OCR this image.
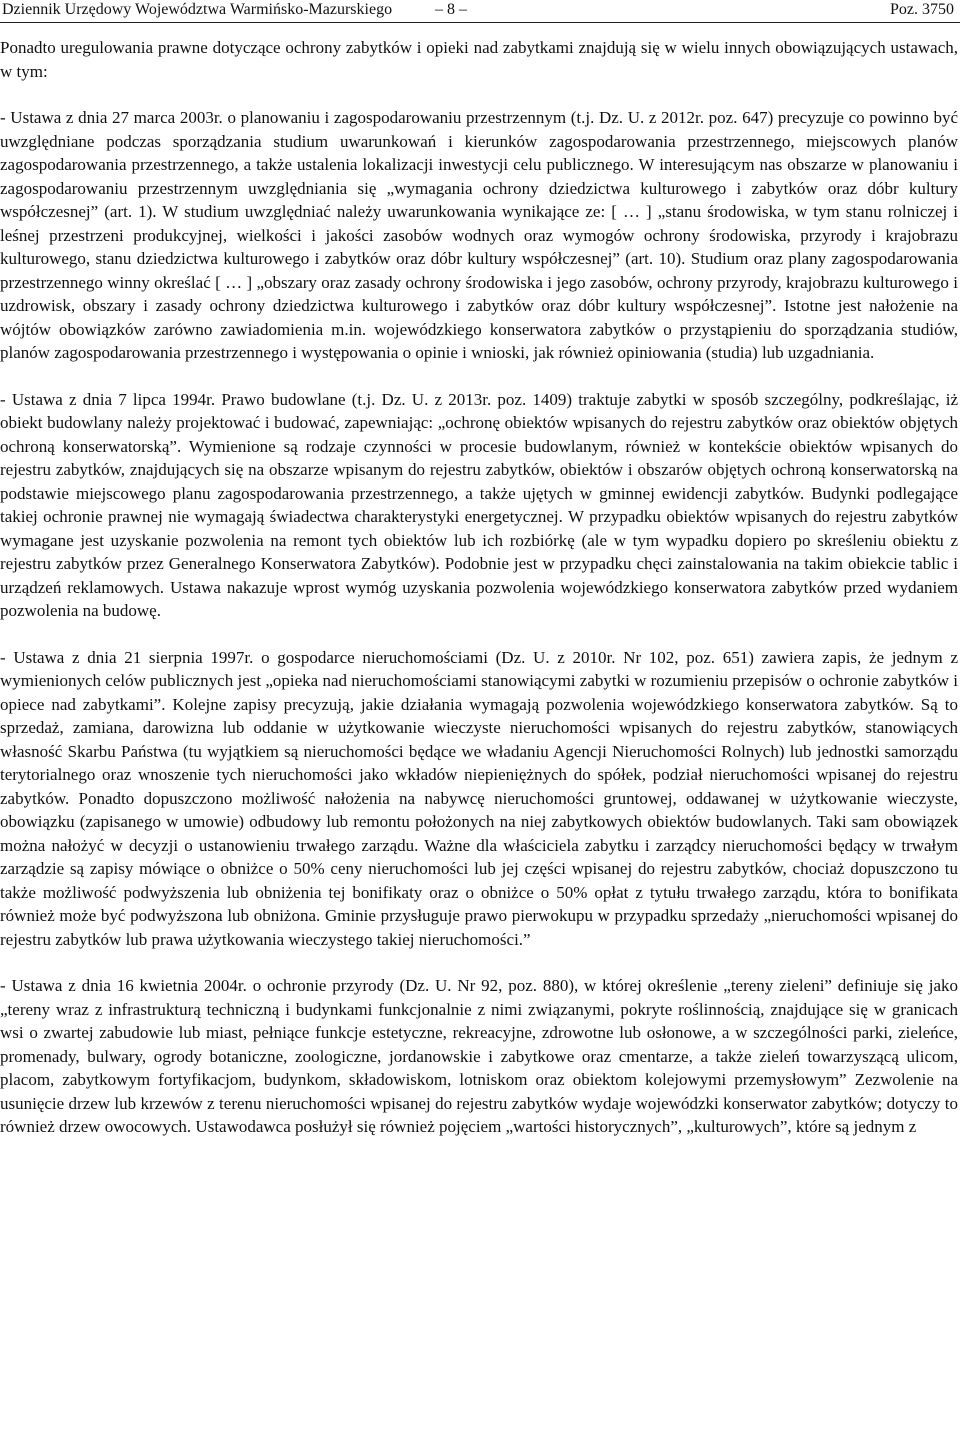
Dziennik Urzędowy Województwa Warmińsko-Mazurskiego	– 8 –	Poz. 3750

Ponadto uregulowania prawne dotyczące ochrony zabytków i opieki nad zabytkami znajdują się w wielu innych obowiązujących ustawach, w tym:

- Ustawa z dnia 27 marca 2003r. o planowaniu i zagospodarowaniu przestrzennym (t.j. Dz. U. z 2012r. poz. 647) precyzuje co powinno być uwzględniane podczas sporządzania studium uwarunkowań i kierunków zagospodarowania przestrzennego, miejscowych planów zagospodarowania przestrzennego, a także ustalenia lokalizacji inwestycji celu publicznego. W interesującym nas obszarze w planowaniu i zagospodarowaniu przestrzennym uwzględniania się „wymagania ochrony dziedzictwa kulturowego i zabytków oraz dóbr kultury współczesnej” (art. 1). W studium uwzględniać należy uwarunkowania wynikające ze: [ … ] „stanu środowiska, w tym stanu rolniczej i leśnej przestrzeni produkcyjnej, wielkości i jakości zasobów wodnych oraz wymogów ochrony środowiska, przyrody i krajobrazu kulturowego, stanu dziedzictwa kulturowego i zabytków oraz dóbr kultury współczesnej” (art. 10). Studium oraz plany zagospodarowania przestrzennego winny określać [ … ] „obszary oraz zasady ochrony środowiska i jego zasobów, ochrony przyrody, krajobrazu kulturowego i uzdrowisk, obszary i zasady ochrony dziedzictwa kulturowego i zabytków oraz dóbr kultury współczesnej”. Istotne jest nałożenie na wójtów obowiązków zarówno zawiadomienia m.in. wojewódzkiego konserwatora zabytków o przystąpieniu do sporządzania studiów, planów zagospodarowania przestrzennego i występowania o opinie i wnioski, jak również opiniowania (studia) lub uzgadniania.

- Ustawa z dnia 7 lipca 1994r. Prawo budowlane (t.j. Dz. U. z 2013r. poz. 1409) traktuje zabytki w sposób szczególny, podkreślając, iż obiekt budowlany należy projektować i budować, zapewniając: „ochronę obiektów wpisanych do rejestru zabytków oraz obiektów objętych ochroną konserwatorską”. Wymienione są rodzaje czynności w procesie budowlanym, również w kontekście obiektów wpisanych do rejestru zabytków, znajdujących się na obszarze wpisanym do rejestru zabytków, obiektów i obszarów objętych ochroną konserwatorską na podstawie miejscowego planu zagospodarowania przestrzennego, a także ujętych w gminnej ewidencji zabytków. Budynki podlegające takiej ochronie prawnej nie wymagają świadectwa charakterystyki energetycznej. W przypadku obiektów wpisanych do rejestru zabytków wymagane jest uzyskanie pozwolenia na remont tych obiektów lub ich rozbiórkę (ale w tym wypadku dopiero po skreśleniu obiektu z rejestru zabytków przez Generalnego Konserwatora Zabytków). Podobnie jest w przypadku chęci zainstalowania na takim obiekcie tablic i urządzeń reklamowych. Ustawa nakazuje wprost wymóg uzyskania pozwolenia wojewódzkiego konserwatora zabytków przed wydaniem pozwolenia na budowę.

- Ustawa z dnia 21 sierpnia 1997r. o gospodarce nieruchomościami (Dz. U. z 2010r. Nr 102, poz. 651) zawiera zapis, że jednym z wymienionych celów publicznych jest „opieka nad nieruchomościami stanowiącymi zabytki w rozumieniu przepisów o ochronie zabytków i opiece nad zabytkami”. Kolejne zapisy precyzują, jakie działania wymagają pozwolenia wojewódzkiego konserwatora zabytków. Są to sprzedaż, zamiana, darowizna lub oddanie w użytkowanie wieczyste nieruchomości wpisanych do rejestru zabytków, stanowiących własność Skarbu Państwa (tu wyjątkiem są nieruchomości będące we władaniu Agencji Nieruchomości Rolnych) lub jednostki samorządu terytorialnego oraz wnoszenie tych nieruchomości jako wkładów niepieniężnych do spółek, podział nieruchomości wpisanej do rejestru zabytków. Ponadto dopuszczono możliwość nałożenia na nabywcę nieruchomości gruntowej, oddawanej w użytkowanie wieczyste, obowiązku (zapisanego w umowie) odbudowy lub remontu położonych na niej zabytkowych obiektów budowlanych. Taki sam obowiązek można nałożyć w decyzji o ustanowieniu trwałego zarządu. Ważne dla właściciela zabytku i zarządcy nieruchomości będący w trwałym zarządzie są zapisy mówiące o obniżce o 50% ceny nieruchomości lub jej części wpisanej do rejestru zabytków, chociaż dopuszczono tu także możliwość podwyższenia lub obniżenia tej bonifikaty oraz o obniżce o 50% opłat z tytułu trwałego zarządu, która to bonifikata również może być podwyższona lub obniżona. Gminie przysługuje prawo pierwokupu w przypadku sprzedaży „nieruchomości wpisanej do rejestru zabytków lub prawa użytkowania wieczystego takiej nieruchomości.”

- Ustawa z dnia 16 kwietnia 2004r. o ochronie przyrody (Dz. U. Nr 92, poz. 880), w której określenie „tereny zieleni” definiuje się jako „tereny wraz z infrastrukturą techniczną i budynkami funkcjonalnie z nimi związanymi, pokryte roślinnością, znajdujące się w granicach wsi o zwartej zabudowie lub miast, pełniące funkcje estetyczne, rekreacyjne, zdrowotne lub osłonowe, a w szczególności parki, zieleńce, promenady, bulwary, ogrody botaniczne, zoologiczne, jordanowskie i zabytkowe oraz cmentarze, a także zieleń towarzyszącą ulicom, placom, zabytkowym fortyfikacjom, budynkom, składowiskom, lotniskom oraz obiektom kolejowymi przemysłowym” Zezwolenie na usunięcie drzew lub krzewów z terenu nieruchomości wpisanej do rejestru zabytków wydaje wojewódzki konserwator zabytków; dotyczy to również drzew owocowych. Ustawodawca posłużył się również pojęciem „wartości historycznych”, „kulturowych”, które są jednym z
